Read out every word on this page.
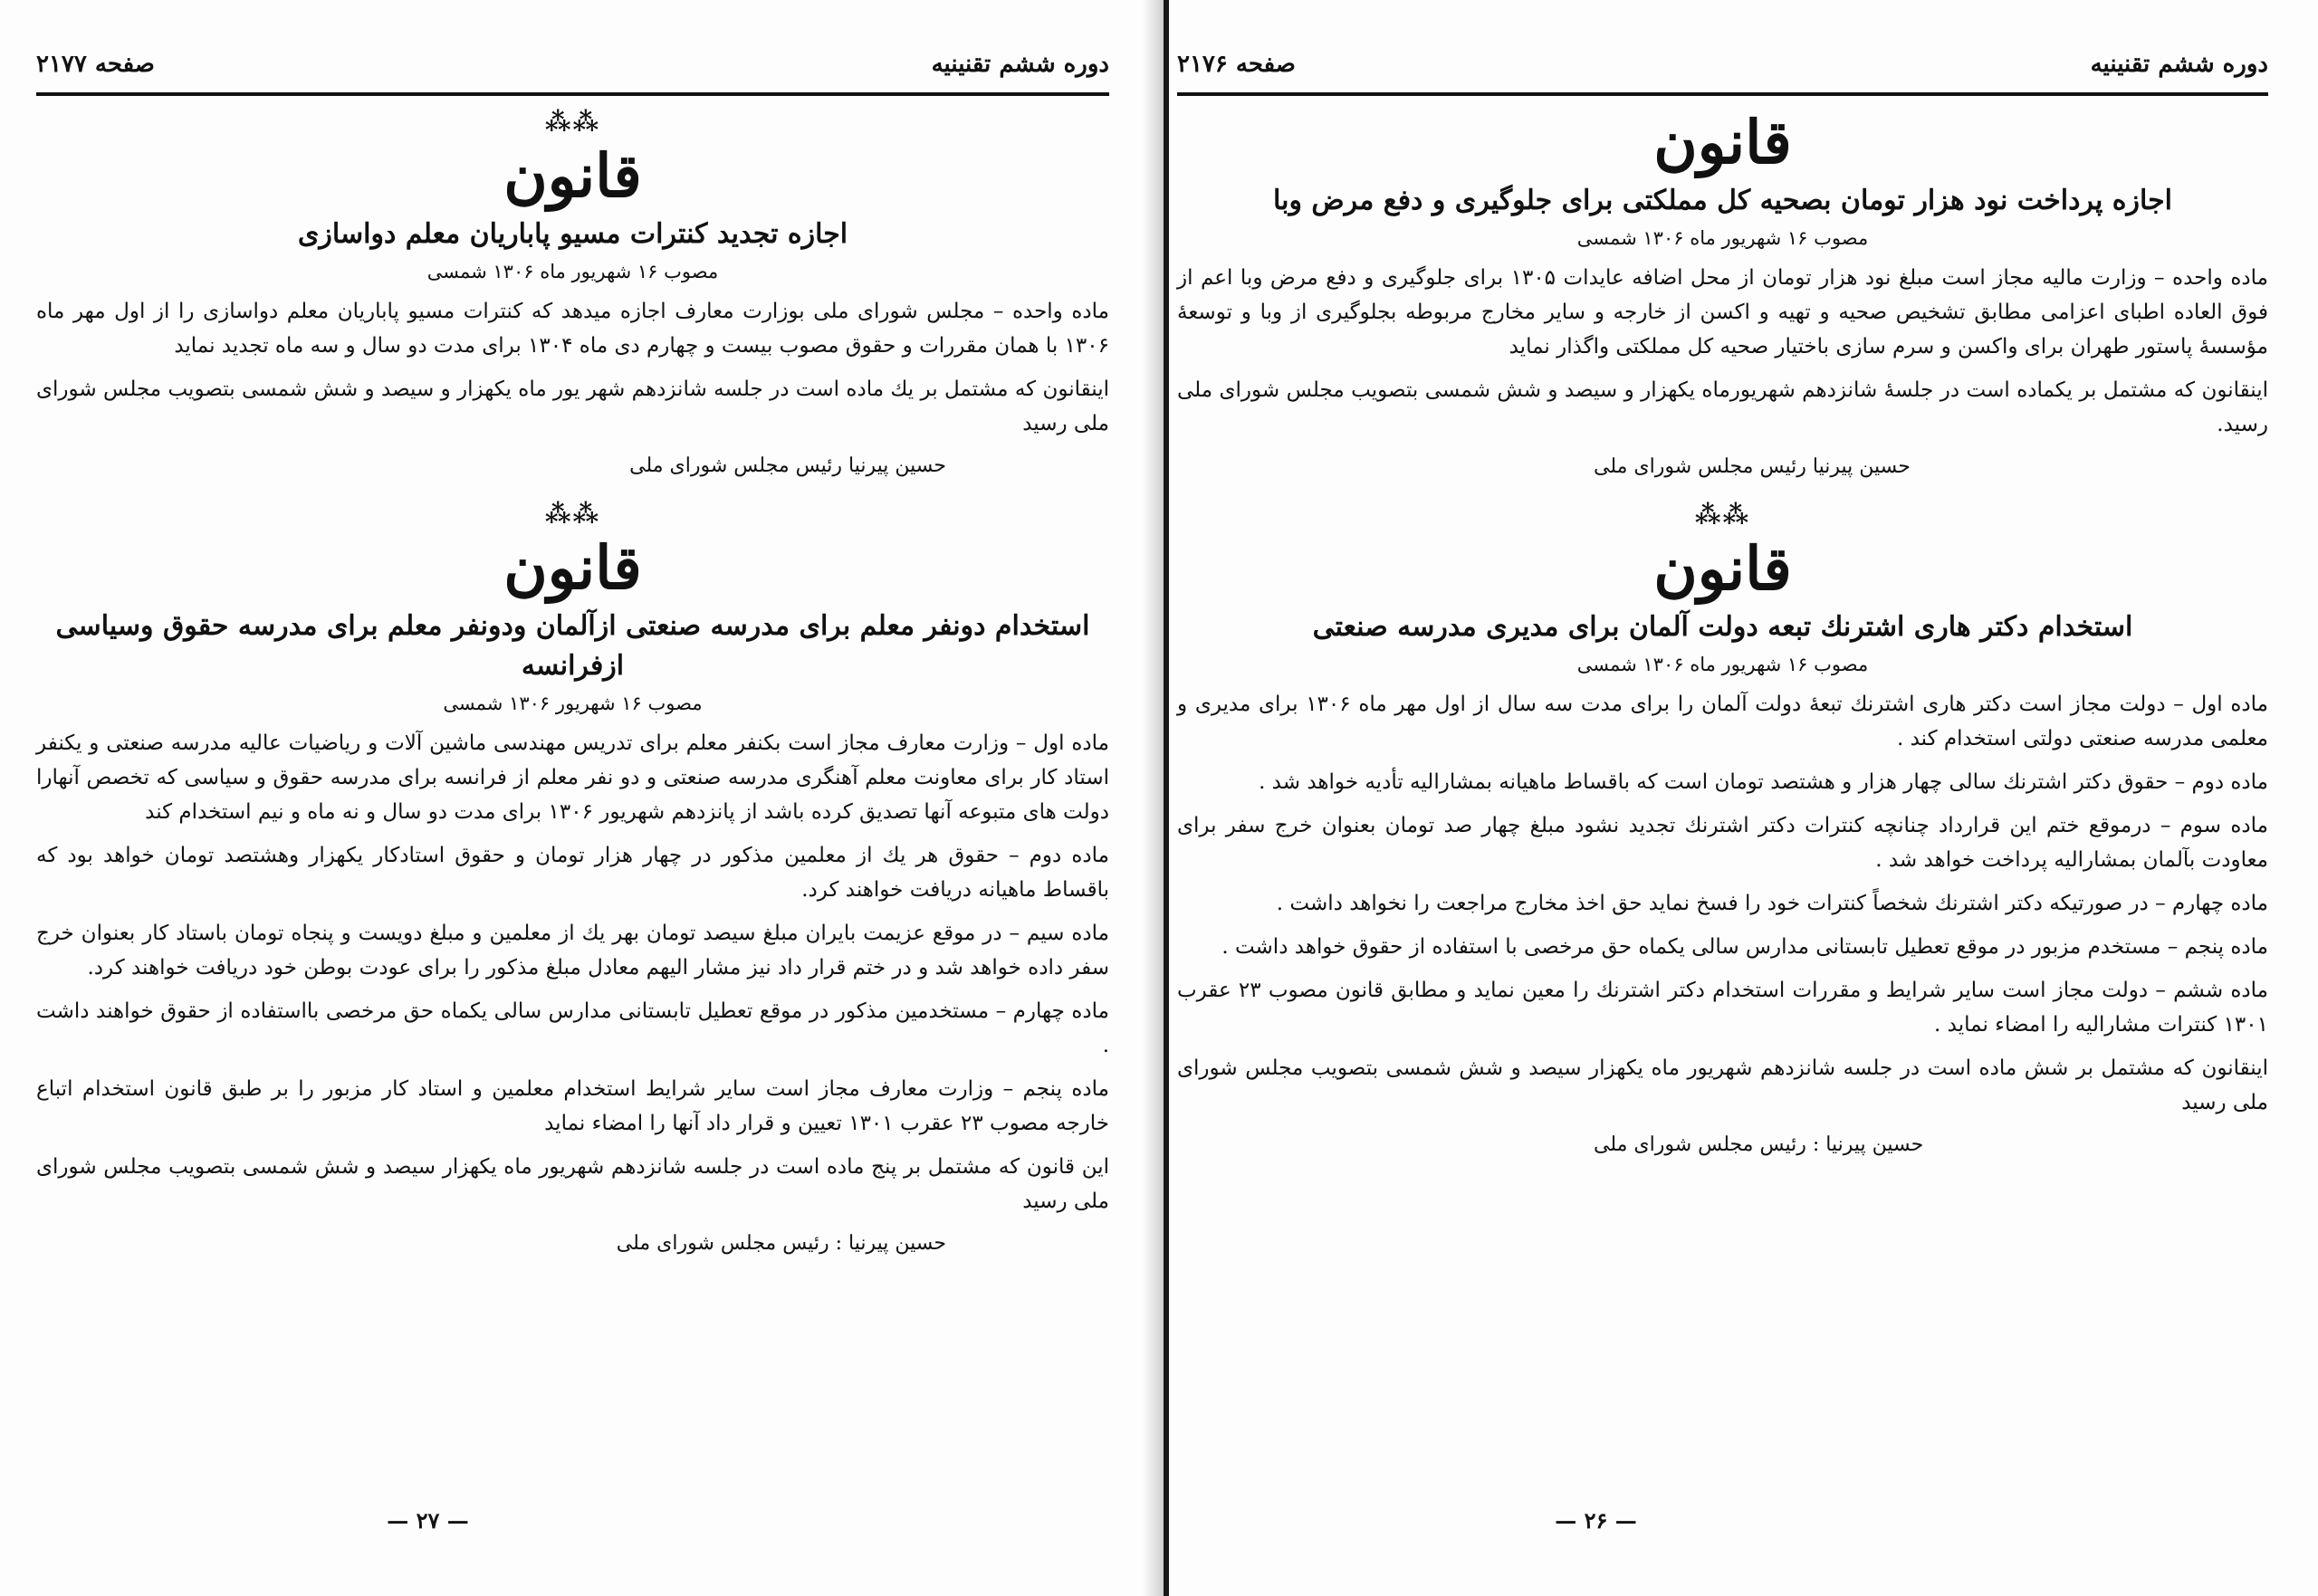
دوره ششم تقنینیه
صفحه ۲۱۷۷
⁂⁂
قانون
اجازه تجدید کنترات مسیو پاباریان معلم دواسازی
مصوب ۱۶ شهریور ماه ۱۳۰۶ شمسی

ماده واحده – مجلس شورای ملی بوزارت معارف اجازه میدهد که کنترات مسیو پاباریان معلم دواسازی را از اول مهر ماه ۱۳۰۶ با همان مقررات و حقوق مصوب بیست و چهارم دی ماه ۱۳۰۴ برای مدت دو سال و سه ماه تجدید نماید

اینقانون که مشتمل بر یك ماده است در جلسه شانزدهم شهر یور ماه یکهزار و سیصد و شش شمسی بتصویب مجلس شورای ملی رسید

حسین پیرنیا رئیس مجلس شورای ملی
⁂⁂
قانون
استخدام دونفر معلم برای مدرسه صنعتی ازآلمان ودونفر معلم برای مدرسه حقوق وسیاسی ازفرانسه
مصوب ۱۶ شهریور ۱۳۰۶ شمسی

ماده اول – وزارت معارف مجاز است بکنفر معلم برای تدریس مهندسی ماشین آلات و ریاضیات عالیه مدرسه صنعتی و یکنفر استاد کار برای معاونت معلم آهنگری مدرسه صنعتی و دو نفر معلم از فرانسه برای مدرسه حقوق و سیاسی که تخصص آنهارا دولت های متبوعه آنها تصدیق کرده باشد از پانزدهم شهریور ۱۳۰۶ برای مدت دو سال و نه ماه و نیم استخدام کند

ماده دوم – حقوق هر یك از معلمین مذکور در چهار هزار تومان و حقوق استادکار یکهزار وهشتصد تومان خواهد بود که باقساط ماهیانه دریافت خواهند کرد.

ماده سیم – در موقع عزیمت بایران مبلغ سیصد تومان بهر یك از معلمین و مبلغ دویست و پنجاه تومان باستاد کار بعنوان خرج سفر داده خواهد شد و در ختم قرار داد نیز مشار الیهم معادل مبلغ مذکور را برای عودت بوطن خود دریافت خواهند کرد.

ماده چهارم – مستخدمین مذکور در موقع تعطیل تابستانی مدارس سالی یکماه حق مرخصی بااستفاده از حقوق خواهند داشت .

ماده پنجم – وزارت معارف مجاز است سایر شرایط استخدام معلمین و استاد کار مزبور را بر طبق قانون استخدام اتباع خارجه مصوب ۲۳ عقرب ۱۳۰۱ تعیین و قرار داد آنها را امضاء نماید

این قانون که مشتمل بر پنج ماده است در جلسه شانزدهم شهریور ماه یکهزار سیصد و شش شمسی بتصویب مجلس شورای ملی رسید

حسین پیرنیا : رئیس مجلس شورای ملی
— ۲۷ —
دوره ششم تقنینیه
صفحه ۲۱۷۶
قانون
اجازه پرداخت نود هزار تومان بصحیه کل مملکتی برای جلوگیری و دفع مرض وبا
مصوب ۱۶ شهریور ماه ۱۳۰۶ شمسی

ماده واحده – وزارت مالیه مجاز است مبلغ نود هزار تومان از محل اضافه عایدات ۱۳۰۵ برای جلوگیری و دفع مرض وبا اعم از فوق العاده اطبای اعزامی مطابق تشخیص صحیه و تهیه و اکسن از خارجه و سایر مخارج مربوطه بجلوگیری از وبا و توسعهٔ مؤسسهٔ پاستور طهران برای واکسن و سرم سازی باختیار صحیه کل مملکتی واگذار نماید

اینقانون که مشتمل بر یکماده است در جلسهٔ شانزدهم شهریورماه یکهزار و سیصد و شش شمسی بتصویب مجلس شورای ملی رسید.

حسین پیرنیا رئیس مجلس شورای ملی
⁂⁂
قانون
استخدام دکتر هاری اشترنك تبعه دولت آلمان برای مدیری مدرسه صنعتی
مصوب ۱۶ شهریور ماه ۱۳۰۶ شمسی

ماده اول – دولت مجاز است دکتر هاری اشترنك تبعهٔ دولت آلمان را برای مدت سه سال از اول مهر ماه ۱۳۰۶ برای مدیری و معلمی مدرسه صنعتی دولتی استخدام کند .

ماده دوم – حقوق دکتر اشترنك سالی چهار هزار و هشتصد تومان است که باقساط ماهیانه بمشارالیه تأدیه خواهد شد .

ماده سوم – درموقع ختم این قرارداد چنانچه کنترات دکتر اشترنك تجدید نشود مبلغ چهار صد تومان بعنوان خرج سفر برای معاودت بآلمان بمشارالیه پرداخت خواهد شد .

ماده چهارم – در صورتیکه دکتر اشترنك شخصاً کنترات خود را فسخ نماید حق اخذ مخارج مراجعت را نخواهد داشت .

ماده پنجم – مستخدم مزبور در موقع تعطیل تابستانی مدارس سالی یکماه حق مرخصی با استفاده از حقوق خواهد داشت .

ماده ششم – دولت مجاز است سایر شرایط و مقررات استخدام دکتر اشترنك را معین نماید و مطابق قانون مصوب ۲۳ عقرب ۱۳۰۱ کنترات مشارالیه را امضاء نماید .

اینقانون که مشتمل بر شش ماده است در جلسه شانزدهم شهریور ماه یکهزار سیصد و شش شمسی بتصویب مجلس شورای ملی رسید

حسین پیرنیا : رئیس مجلس شورای ملی
— ۲۶ —
